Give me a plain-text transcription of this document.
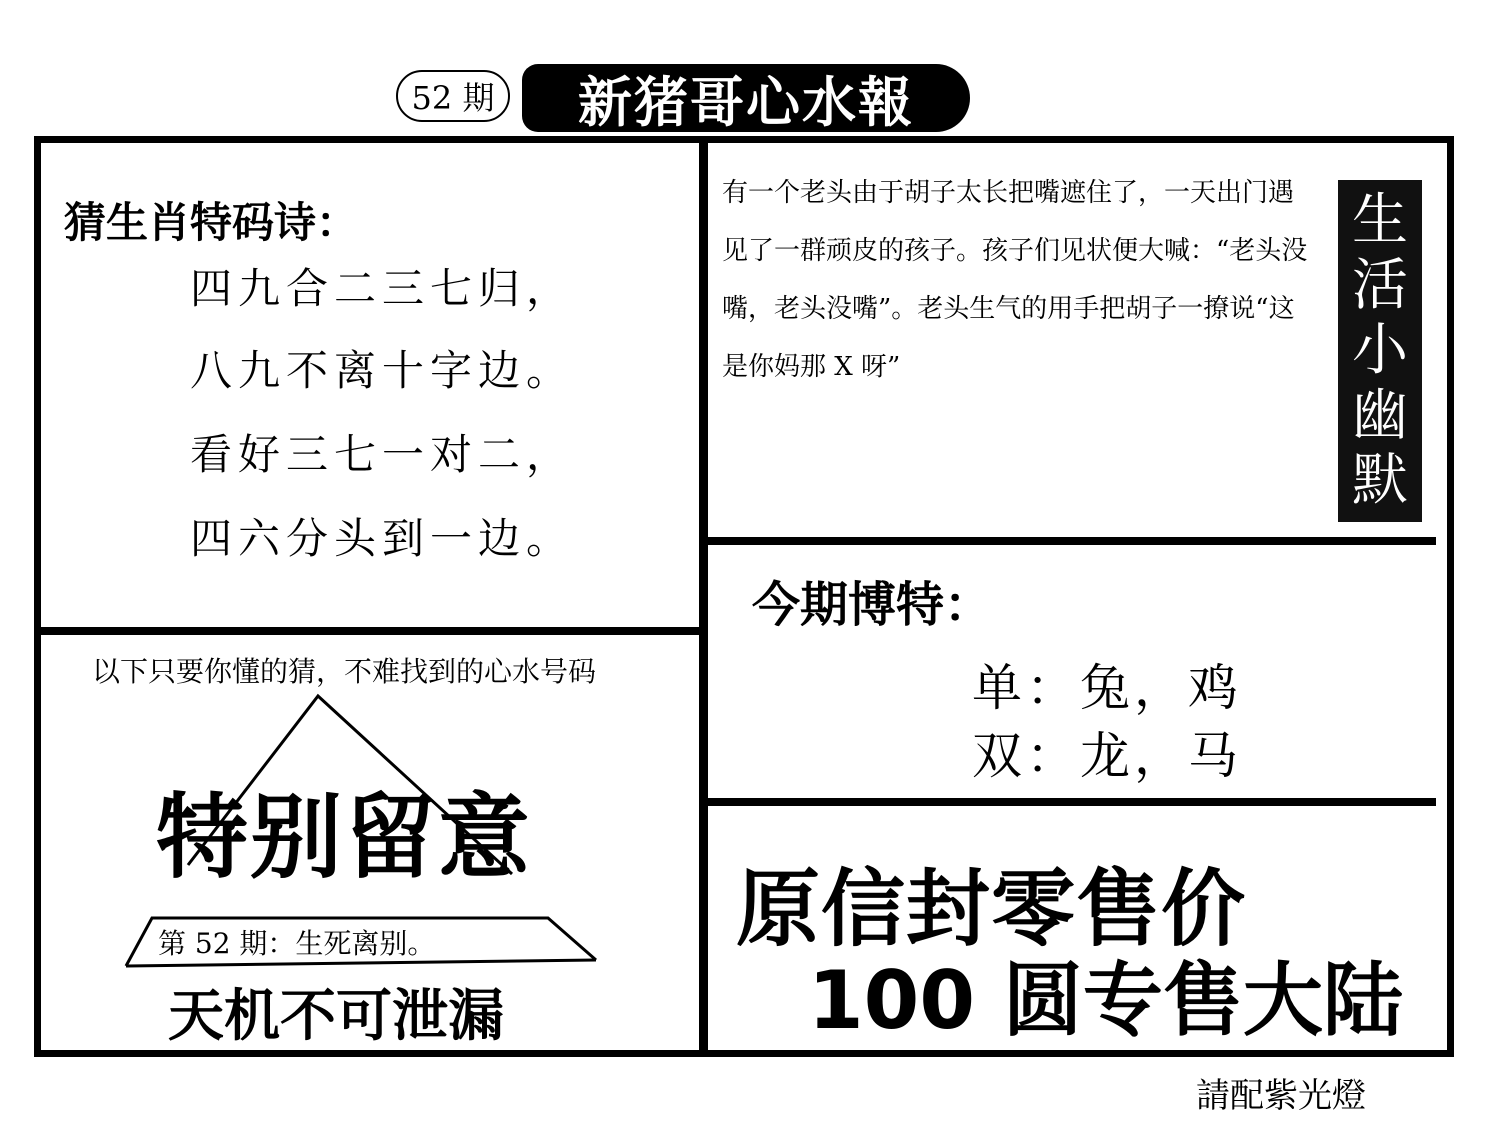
52 期	新猪哥心水報
猜生肖特码诗：
四九合二三七归，
八九不离十字边。
看好三七一对二，
四六分头到一边。
有一个老头由于胡子太长把嘴遮住了，一天出门遇见了一群顽皮的孩子。孩子们见状便大喊：“老头没嘴，老头没嘴”。老头生气的用手把胡子一撩说“这是你妈那 X 呀”
生
活
小
幽
默
今期博特：
单：兔，鸡
双：龙，马
原信封零售价
100 圆专售大陆
以下只要你懂的猜，不难找到的心水号码
特别留意
第 52 期：生死离别。
天机不可泄漏
請配紫光燈
